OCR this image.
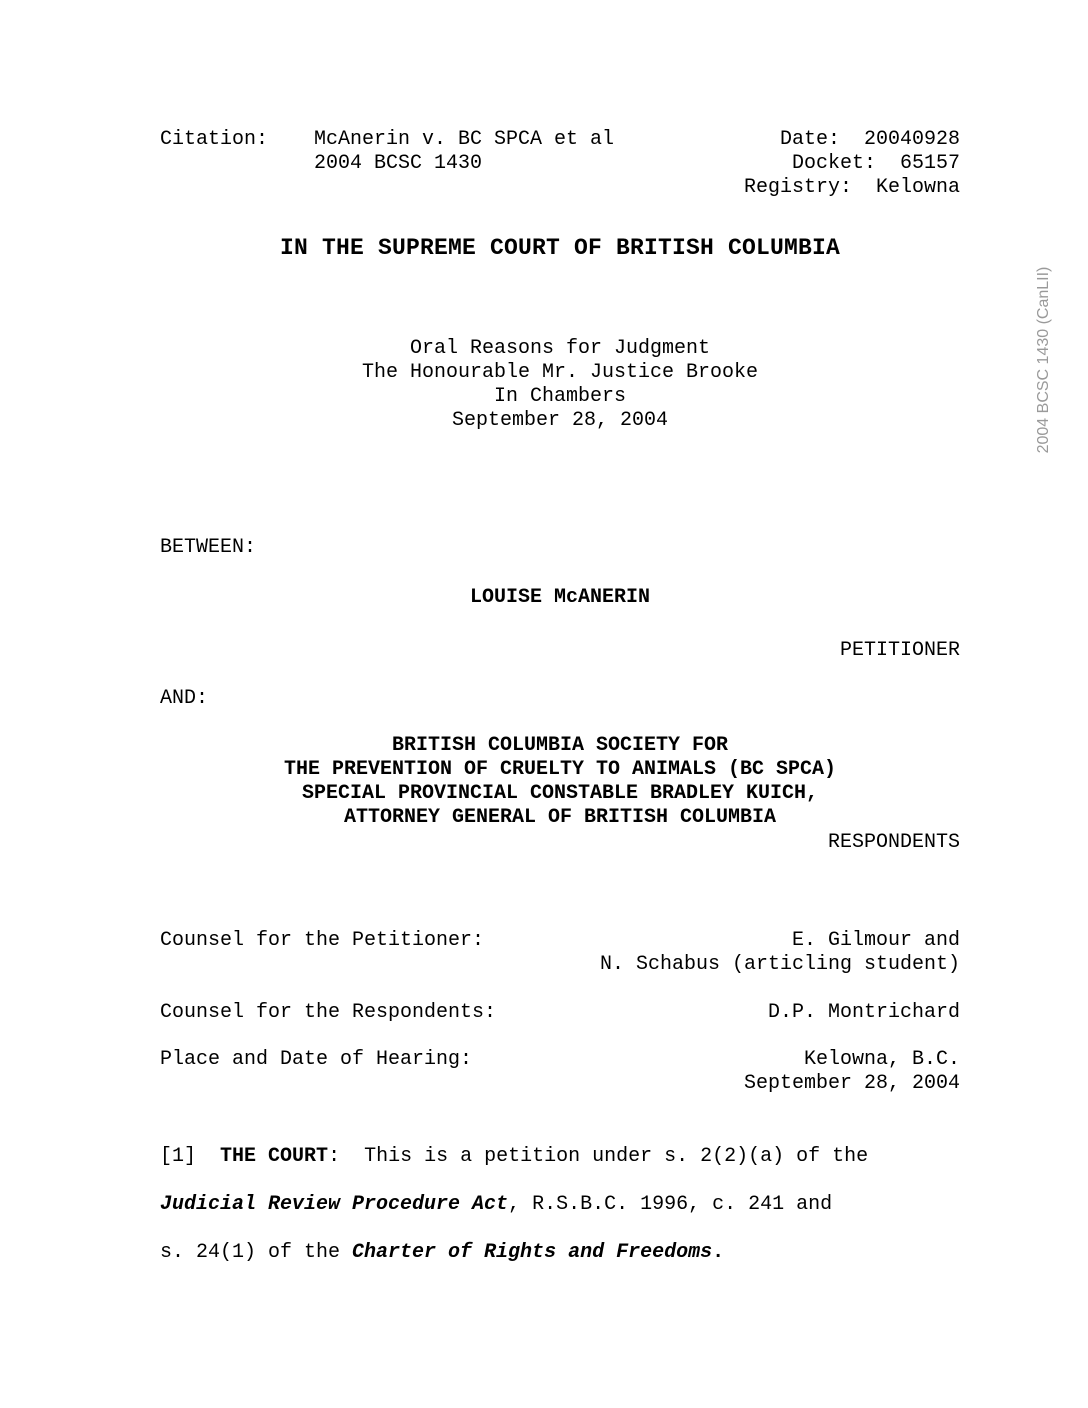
Citation: McAnerin v. BC SPCA et al
2004 BCSC 1430
Date:  20040928
Docket:  65157
Registry:  Kelowna
IN THE SUPREME COURT OF BRITISH COLUMBIA
Oral Reasons for Judgment
The Honourable Mr. Justice Brooke
In Chambers
September 28, 2004
BETWEEN:
LOUISE McANERIN
PETITIONER
AND:
BRITISH COLUMBIA SOCIETY FOR
THE PREVENTION OF CRUELTY TO ANIMALS (BC SPCA)
SPECIAL PROVINCIAL CONSTABLE BRADLEY KUICH,
ATTORNEY GENERAL OF BRITISH COLUMBIA
RESPONDENTS
Counsel for the Petitioner:	E. Gilmour and
N. Schabus (articling student)
Counsel for the Respondents:	D.P. Montrichard
Place and Date of Hearing:	Kelowna, B.C.
September 28, 2004
[1] THE COURT:  This is a petition under s. 2(2)(a) of the
Judicial Review Procedure Act, R.S.B.C. 1996, c. 241 and
s. 24(1) of the Charter of Rights and Freedoms.
2004 BCSC 1430 (CanLII)
